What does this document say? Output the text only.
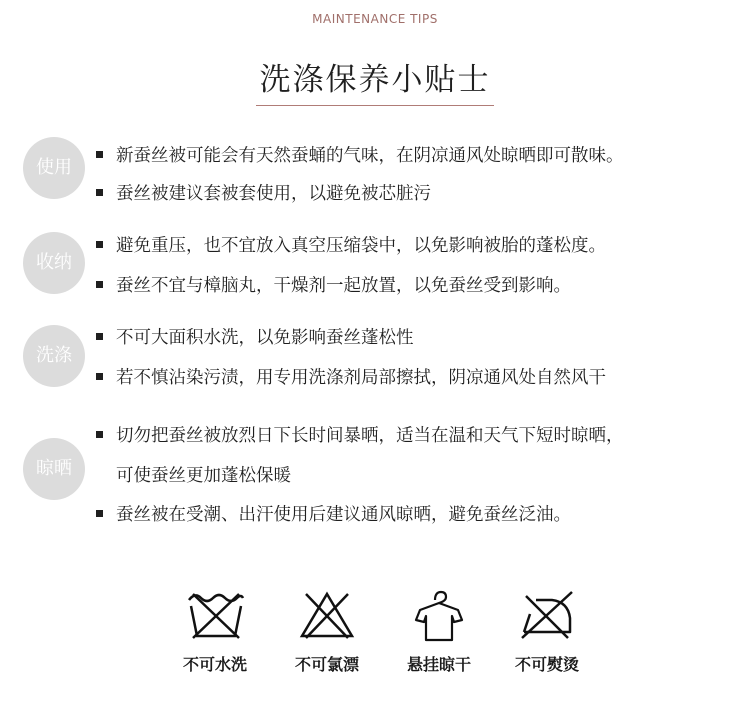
MAINTENANCE TIPS
洗涤保养小贴士
使用
新蚕丝被可能会有天然蚕蛹的气味，在阴凉通风处晾晒即可散味。
蚕丝被建议套被套使用，以避免被芯脏污
收纳
避免重压，也不宜放入真空压缩袋中，以免影响被胎的蓬松度。
蚕丝不宜与樟脑丸，干燥剂一起放置，以免蚕丝受到影响。
洗涤
不可大面积水洗，以免影响蚕丝蓬松性
若不慎沾染污渍，用专用洗涤剂局部擦拭，阴凉通风处自然风干
晾晒
切勿把蚕丝被放烈日下长时间暴晒，适当在温和天气下短时晾晒，
可使蚕丝更加蓬松保暖
蚕丝被在受潮、出汗使用后建议通风晾晒，避免蚕丝泛油。
不可水洗	不可氯漂	悬挂晾干	不可熨烫
